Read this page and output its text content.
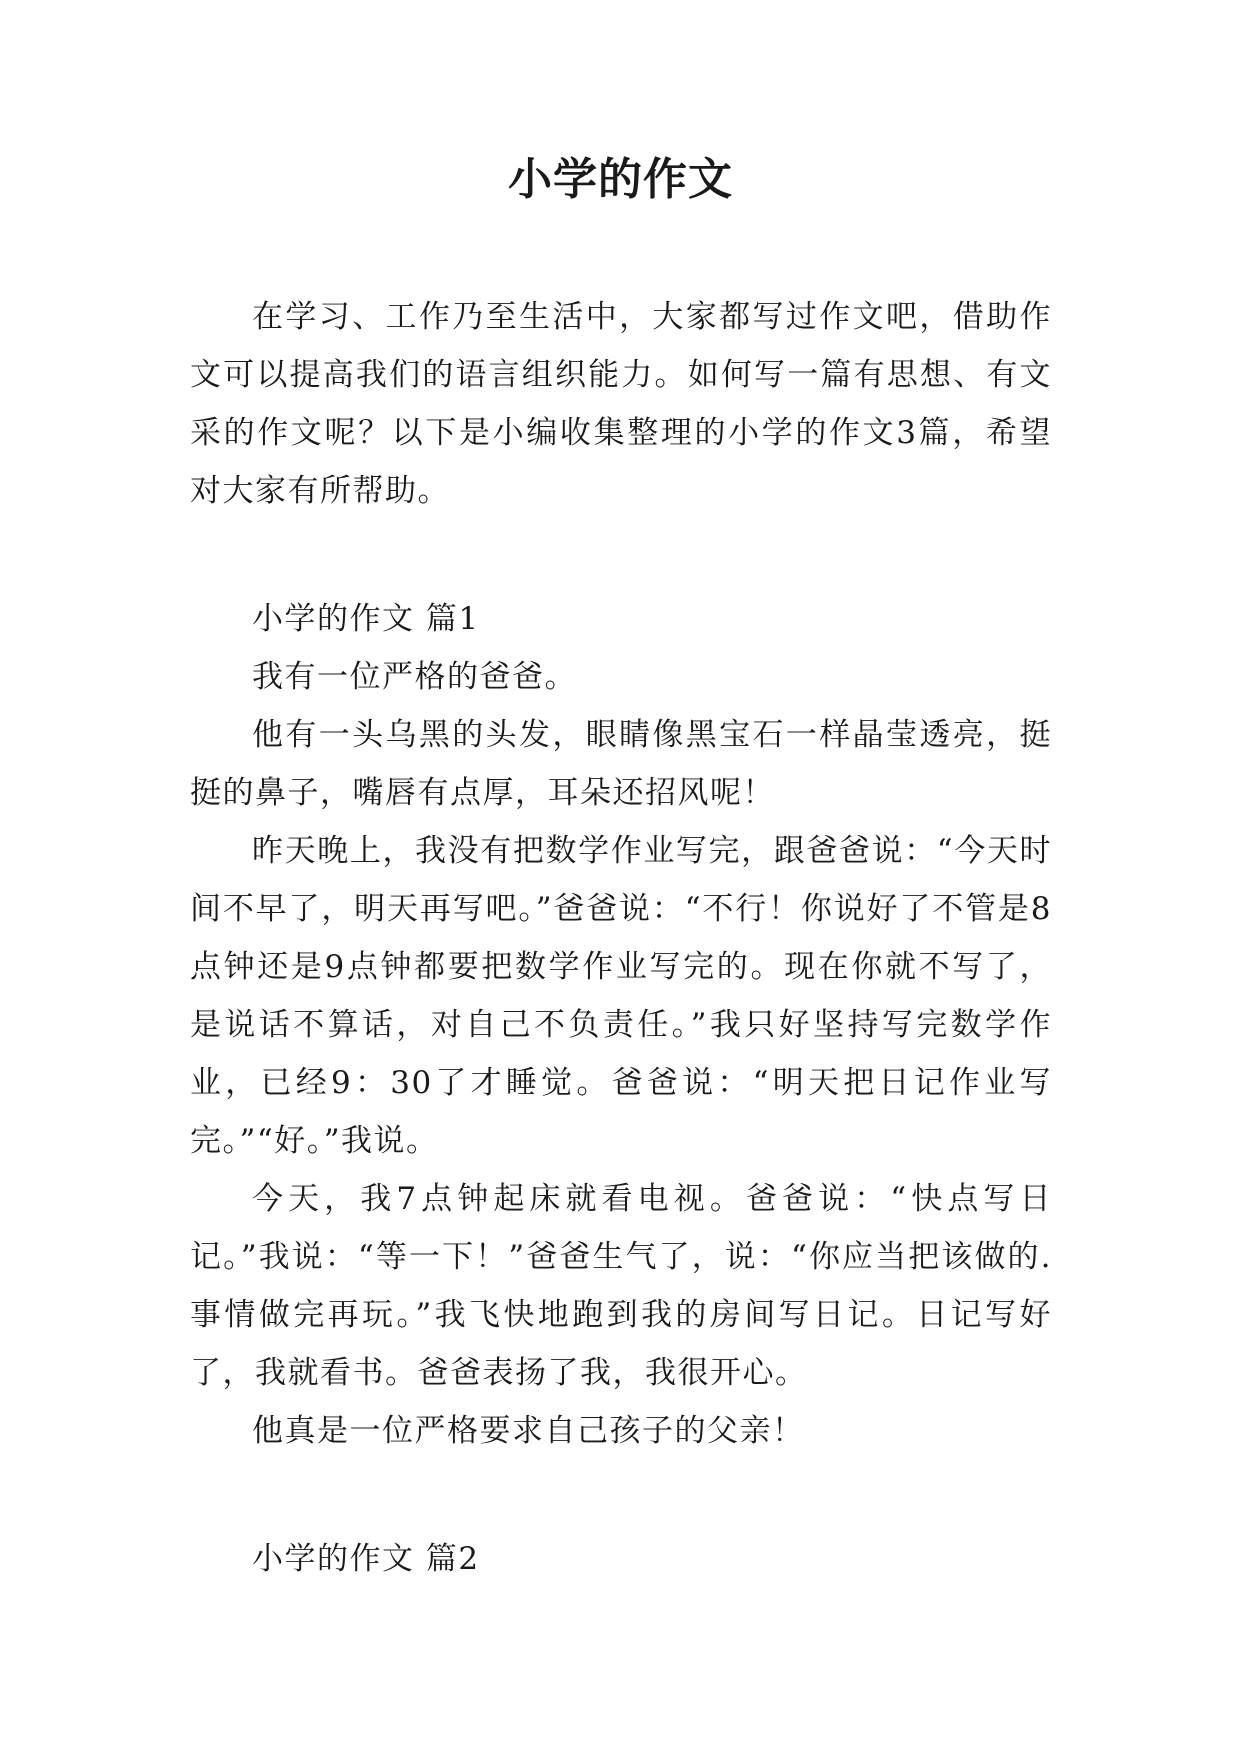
小学的作文

在学习、工作乃至生活中，大家都写过作文吧，借助作文可以提高我们的语言组织能力。如何写一篇有思想、有文采的作文呢？以下是小编收集整理的小学的作文3篇，希望对大家有所帮助。

小学的作文 篇1

我有一位严格的爸爸。

他有一头乌黑的头发，眼睛像黑宝石一样晶莹透亮，挺挺的鼻子，嘴唇有点厚，耳朵还招风呢！

昨天晚上，我没有把数学作业写完，跟爸爸说：“今天时间不早了，明天再写吧。”爸爸说：“不行！你说好了不管是8点钟还是9点钟都要把数学作业写完的。现在你就不写了，是说话不算话，对自己不负责任。”我只好坚持写完数学作业，已经9：30了才睡觉。爸爸说：“明天把日记作业写完。”“好。”我说。

今天，我7点钟起床就看电视。爸爸说：“快点写日记。”我说：“等一下！”爸爸生气了，说：“你应当把该做的.事情做完再玩。”我飞快地跑到我的房间写日记。日记写好了，我就看书。爸爸表扬了我，我很开心。

他真是一位严格要求自己孩子的父亲！

小学的作文 篇2
